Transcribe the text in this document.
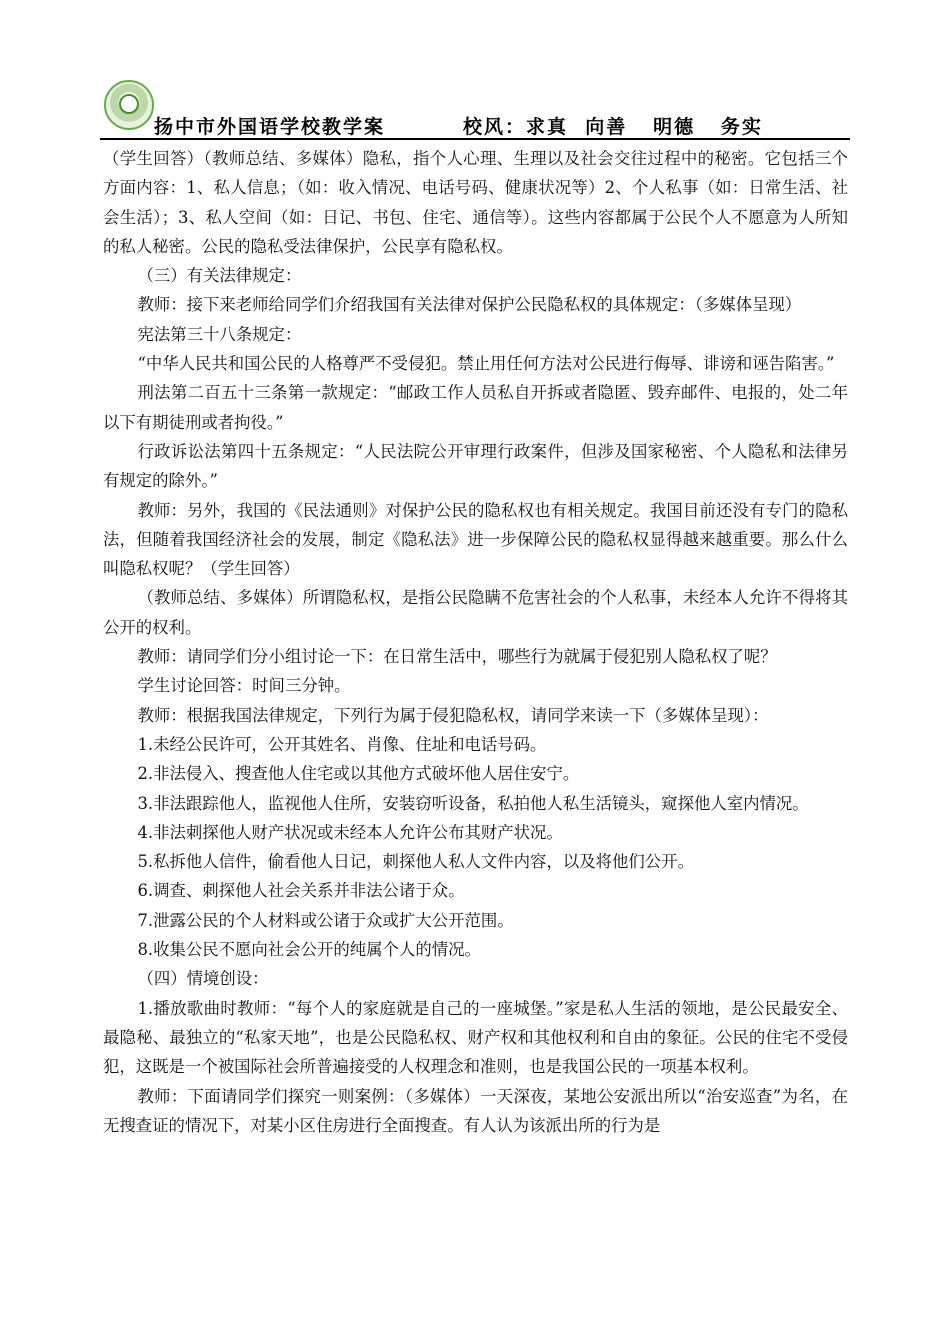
扬中市外国语学校教学案	校风：求真  向善   明德   务实

（学生回答）（教师总结、多媒体）隐私，指个人心理、生理以及社会交往过程中的秘密。它包括三个方面内容：1、私人信息；（如：收入情况、电话号码、健康状况等）2、个人私事（如：日常生活、社会生活）；3、私人空间（如：日记、书包、住宅、通信等）。这些内容都属于公民个人不愿意为人所知的私人秘密。公民的隐私受法律保护，公民享有隐私权。

（三）有关法律规定：

教师：接下来老师给同学们介绍我国有关法律对保护公民隐私权的具体规定：（多媒体呈现）

宪法第三十八条规定：

“中华人民共和国公民的人格尊严不受侵犯。禁止用任何方法对公民进行侮辱、诽谤和诬告陷害。”

刑法第二百五十三条第一款规定：“邮政工作人员私自开拆或者隐匿、毁弃邮件、电报的，处二年以下有期徒刑或者拘役。”

行政诉讼法第四十五条规定：“人民法院公开审理行政案件，但涉及国家秘密、个人隐私和法律另有规定的除外。”

教师：另外，我国的《民法通则》对保护公民的隐私权也有相关规定。我国目前还没有专门的隐私法，但随着我国经济社会的发展，制定《隐私法》进一步保障公民的隐私权显得越来越重要。那么什么叫隐私权呢？（学生回答）

（教师总结、多媒体）所谓隐私权，是指公民隐瞒不危害社会的个人私事，未经本人允许不得将其公开的权利。

教师：请同学们分小组讨论一下：在日常生活中，哪些行为就属于侵犯别人隐私权了呢？

学生讨论回答：时间三分钟。

教师：根据我国法律规定，下列行为属于侵犯隐私权，请同学来读一下（多媒体呈现）：

1.未经公民许可，公开其姓名、肖像、住址和电话号码。

2.非法侵入、搜查他人住宅或以其他方式破坏他人居住安宁。

3.非法跟踪他人，监视他人住所，安装窃听设备，私拍他人私生活镜头，窥探他人室内情况。

4.非法刺探他人财产状况或未经本人允许公布其财产状况。

5.私拆他人信件，偷看他人日记，刺探他人私人文件内容，以及将他们公开。

6.调查、刺探他人社会关系并非法公诸于众。

7.泄露公民的个人材料或公诸于众或扩大公开范围。

8.收集公民不愿向社会公开的纯属个人的情况。

（四）情境创设：

1.播放歌曲时教师：“每个人的家庭就是自己的一座城堡。”家是私人生活的领地，是公民最安全、最隐秘、最独立的“私家天地”，也是公民隐私权、财产权和其他权利和自由的象征。公民的住宅不受侵犯，这既是一个被国际社会所普遍接受的人权理念和准则，也是我国公民的一项基本权利。

教师：下面请同学们探究一则案例：（多媒体）一天深夜，某地公安派出所以“治安巡查”为名，在无搜查证的情况下，对某小区住房进行全面搜查。有人认为该派出所的行为是
